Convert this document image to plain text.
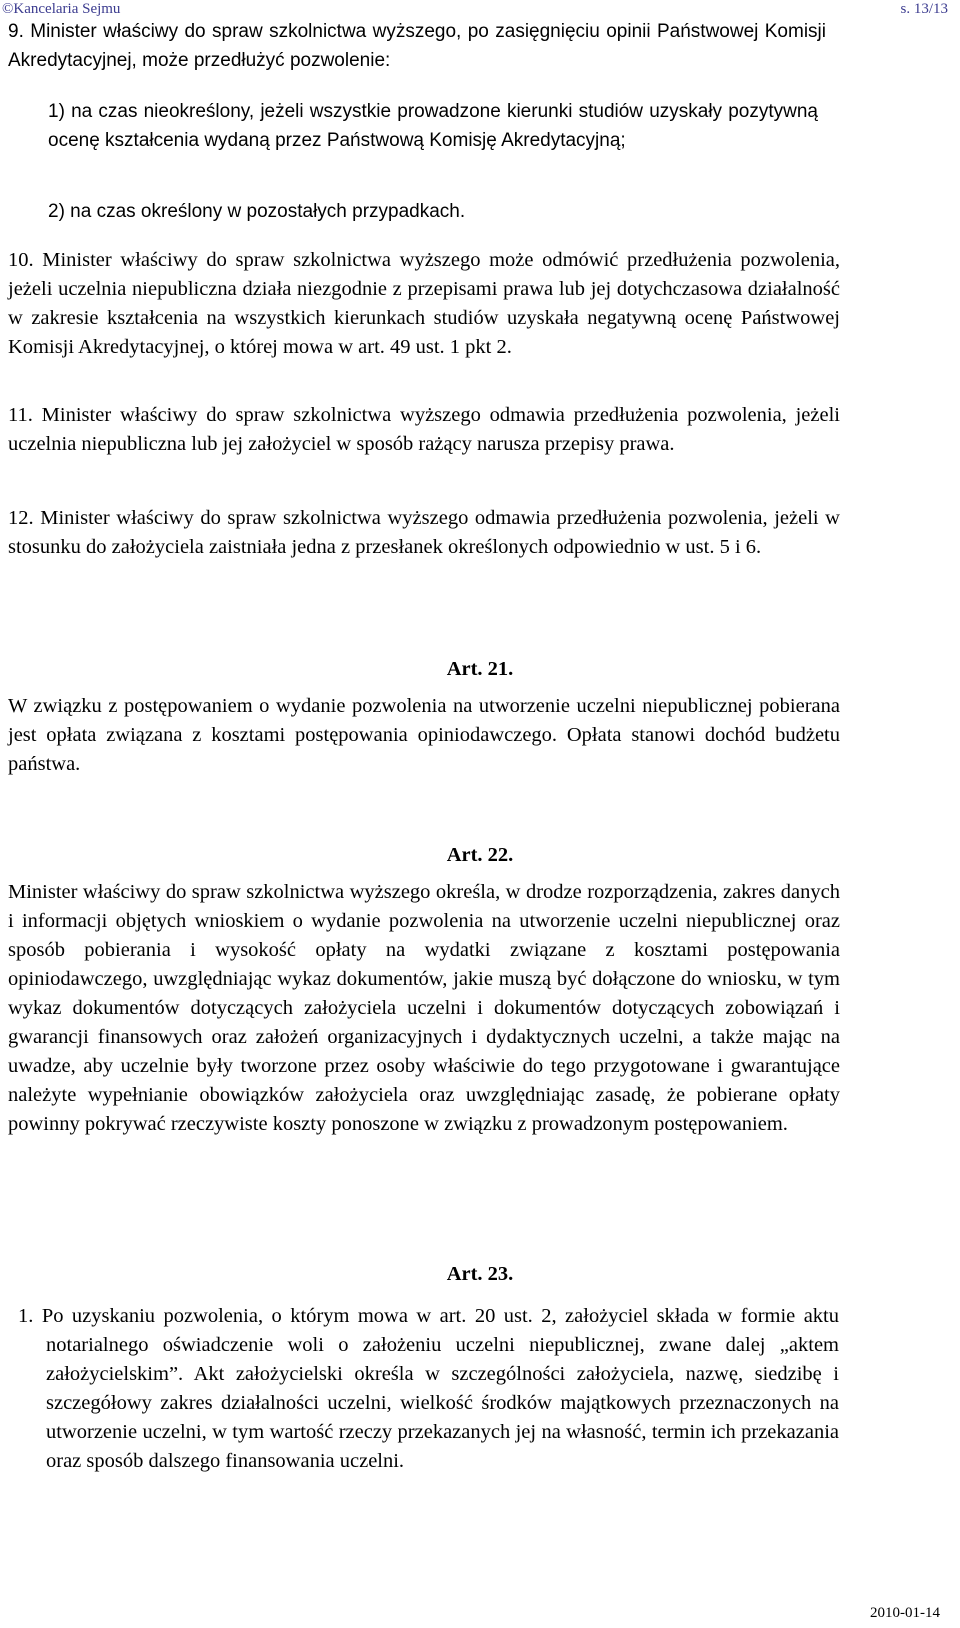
©Kancelaria Sejmu	s. 13/13
9. Minister właściwy do spraw szkolnictwa wyższego, po zasięgnięciu opinii Państwowej Komisji Akredytacyjnej, może przedłużyć pozwolenie:
1) na czas nieokreślony, jeżeli wszystkie prowadzone kierunki studiów uzyskały pozytywną ocenę kształcenia wydaną przez Państwową Komisję Akredytacyjną;
2) na czas określony w pozostałych przypadkach.
10. Minister właściwy do spraw szkolnictwa wyższego może odmówić przedłużenia pozwolenia, jeżeli uczelnia niepubliczna działa niezgodnie z przepisami prawa lub jej dotychczasowa działalność w zakresie kształcenia na wszystkich kierunkach studiów uzyskała negatywną ocenę Państwowej Komisji Akredytacyjnej, o której mowa w art. 49 ust. 1 pkt 2.
11. Minister właściwy do spraw szkolnictwa wyższego odmawia przedłużenia pozwolenia, jeżeli uczelnia niepubliczna lub jej założyciel w sposób rażący narusza przepisy prawa.
12. Minister właściwy do spraw szkolnictwa wyższego odmawia przedłużenia pozwolenia, jeżeli w stosunku do założyciela zaistniała jedna z przesłanek określonych odpowiednio w ust. 5 i 6.
Art. 21.
W związku z postępowaniem o wydanie pozwolenia na utworzenie uczelni niepublicznej pobierana jest opłata związana z kosztami postępowania opiniodawczego. Opłata stanowi dochód budżetu państwa.
Art. 22.
Minister właściwy do spraw szkolnictwa wyższego określa, w drodze rozporządzenia, zakres danych i informacji objętych wnioskiem o wydanie pozwolenia na utworzenie uczelni niepublicznej oraz sposób pobierania i wysokość opłaty na wydatki związane z kosztami postępowania opiniodawczego, uwzględniając wykaz dokumentów, jakie muszą być dołączone do wniosku, w tym wykaz dokumentów dotyczących założyciela uczelni i dokumentów dotyczących zobowiązań i gwarancji finansowych oraz założeń organizacyjnych i dydaktycznych uczelni, a także mając na uwadze, aby uczelnie były tworzone przez osoby właściwie do tego przygotowane i gwarantujące należyte wypełnianie obowiązków założyciela oraz uwzględniając zasadę, że pobierane opłaty powinny pokrywać rzeczywiste koszty ponoszone w związku z prowadzonym postępowaniem.
Art. 23.
1. Po uzyskaniu pozwolenia, o którym mowa w art. 20 ust. 2, założyciel składa w formie aktu notarialnego oświadczenie woli o założeniu uczelni niepublicznej, zwane dalej „aktem założycielskim”. Akt założycielski określa w szczególności założyciela, nazwę, siedzibę i szczegółowy zakres działalności uczelni, wielkość środków majątkowych przeznaczonych na utworzenie uczelni, w tym wartość rzeczy przekazanych jej na własność, termin ich przekazania oraz sposób dalszego finansowania uczelni.
2010-01-14
